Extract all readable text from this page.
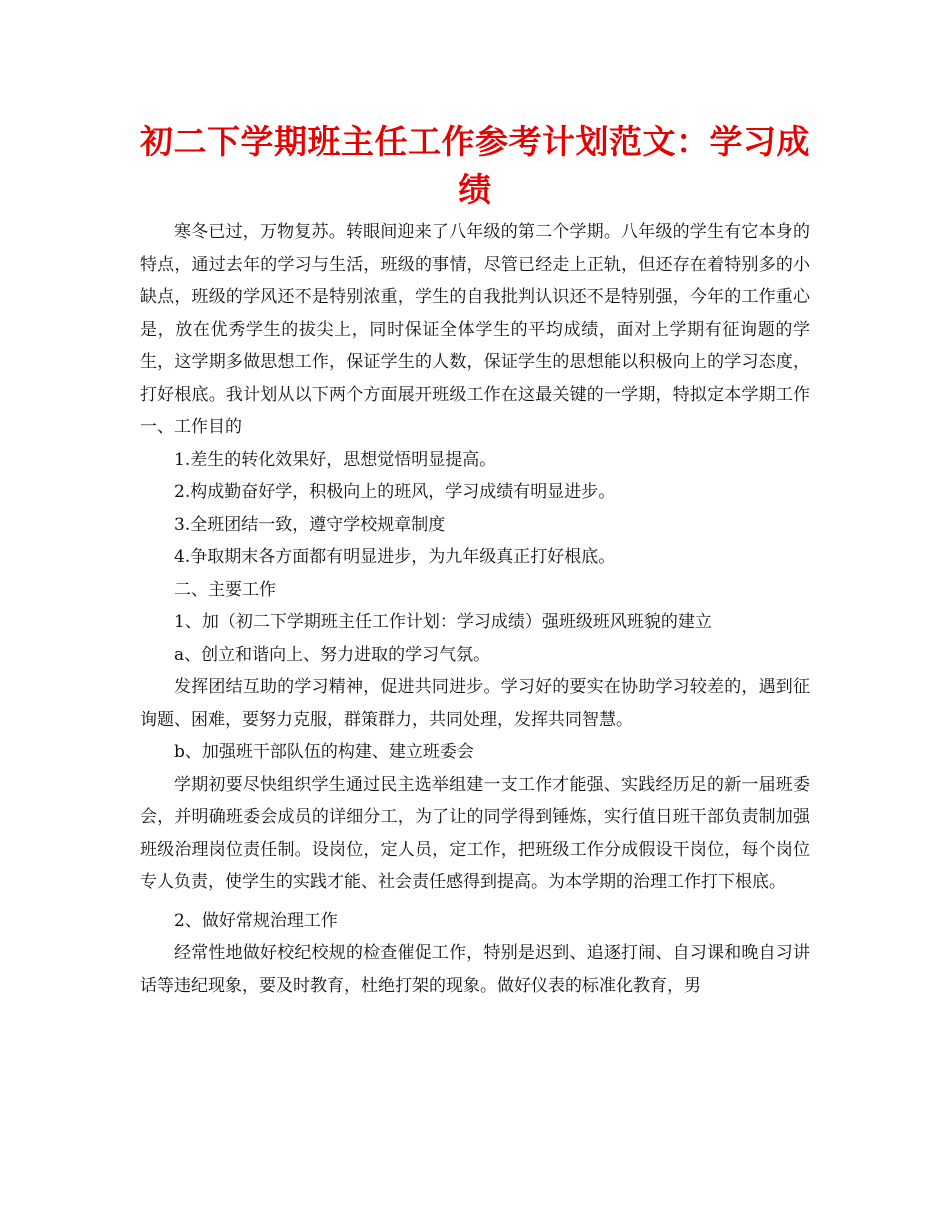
初二下学期班主任工作参考计划范文：学习成绩

寒冬已过，万物复苏。转眼间迎来了八年级的第二个学期。八年级的学生有它本身的特点，通过去年的学习与生活，班级的事情，尽管已经走上正轨，但还存在着特别多的小缺点，班级的学风还不是特别浓重，学生的自我批判认识还不是特别强，今年的工作重心是，放在优秀学生的拔尖上，同时保证全体学生的平均成绩，面对上学期有征询题的学生，这学期多做思想工作，保证学生的人数，保证学生的思想能以积极向上的学习态度，打好根底。我计划从以下两个方面展开班级工作在这最关键的一学期，特拟定本学期工作　　一、工作目的

1.差生的转化效果好，思想觉悟明显提高。

2.构成勤奋好学，积极向上的班风，学习成绩有明显进步。

3.全班团结一致，遵守学校规章制度

4.争取期末各方面都有明显进步，为九年级真正打好根底。

二、主要工作

1、加（初二下学期班主任工作计划：学习成绩）强班级班风班貌的建立

a、创立和谐向上、努力进取的学习气氛。

发挥团结互助的学习精神，促进共同进步。学习好的要实在协助学习较差的，遇到征询题、困难，要努力克服，群策群力，共同处理，发挥共同智慧。

b、加强班干部队伍的构建、建立班委会

学期初要尽快组织学生通过民主选举组建一支工作才能强、实践经历足的新一届班委会，并明确班委会成员的详细分工，为了让的同学得到锤炼，实行值日班干部负责制加强班级治理岗位责任制。设岗位，定人员，定工作，把班级工作分成假设干岗位，每个岗位专人负责，使学生的实践才能、社会责任感得到提高。为本学期的治理工作打下根底。

2、做好常规治理工作

经常性地做好校纪校规的检查催促工作，特别是迟到、追逐打闹、自习课和晚自习讲话等违纪现象，要及时教育，杜绝打架的现象。做好仪表的标准化教育，男
